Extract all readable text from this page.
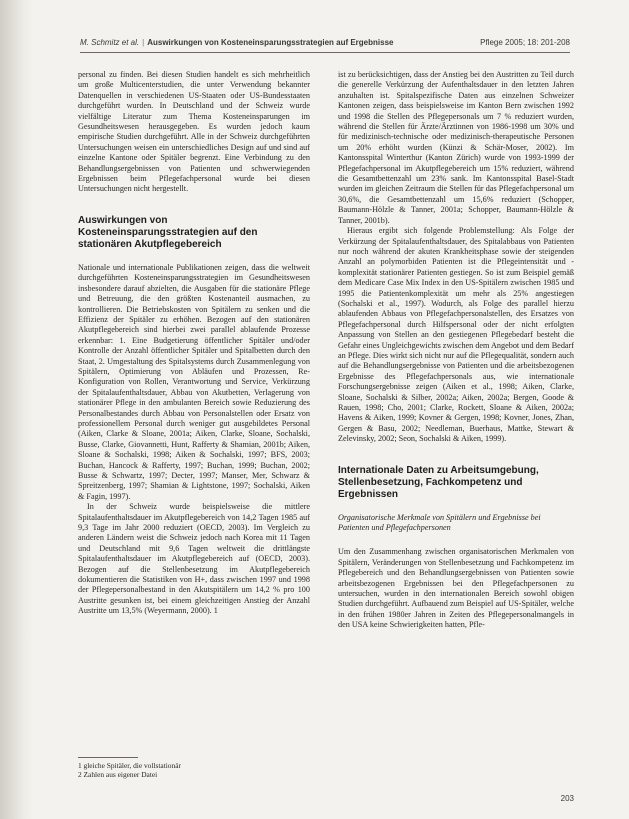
M. Schmitz et al. | Auswirkungen von Kosteneinsparungsstrategien auf Ergebnisse	Pflege 2005; 18: 201-208

personal zu finden. Bei diesen Studien handelt es sich mehrheitlich um große Multicenterstudien, die unter Verwendung bekannter Datenquellen in verschiedenen US-Staaten oder US-Bundesstaaten durchgeführt wurden. In Deutschland und der Schweiz wurde vielfältige Literatur zum Thema Kosteneinsparungen im Gesundheitswesen herausgegeben. Es wurden jedoch kaum empirische Studien durchgeführt. Alle in der Schweiz durchgeführten Untersuchungen weisen ein unterschiedliches Design auf und sind auf einzelne Kantone oder Spitäler begrenzt. Eine Verbindung zu den Behandlungsergebnissen von Patienten und schwerwiegenden Ergebnissen beim Pflegefachpersonal wurde bei diesen Untersuchungen nicht hergestellt.

Auswirkungen von Kosteneinsparungsstrategien auf den stationären Akutpflegebereich

Nationale und internationale Publikationen zeigen, dass die weltweit durchgeführten Kosteneinsparungsstrategien im Gesundheitswesen insbesondere darauf abzielten, die Ausgaben für die stationäre Pflege und Betreuung, die den größten Kostenanteil ausmachen, zu kontrollieren. Die Betriebskosten von Spitälern zu senken und die Effizienz der Spitäler zu erhöhen. Bezogen auf den stationären Akutpflegebereich sind hierbei zwei parallel ablaufende Prozesse erkennbar: 1. Eine Budgetierung öffentlicher Spitäler und/oder Kontrolle der Anzahl öffentlicher Spitäler und Spitalbetten durch den Staat, 2. Umgestaltung des Spitalsystems durch Zusammenlegung von Spitälern, Optimierung von Abläufen und Prozessen, Re-Konfiguration von Rollen, Verantwortung und Service, Verkürzung der Spitalaufenthaltsdauer, Abbau von Akutbetten, Verlagerung von stationärer Pflege in den ambulanten Bereich sowie Reduzierung des Personalbestandes durch Abbau von Personalstellen oder Ersatz von professionellem Personal durch weniger gut ausgebildetes Personal (Aiken, Clarke & Sloane, 2001a; Aiken, Clarke, Sloane, Sochalski, Busse, Clarke, Giovannetti, Hunt, Rafferty & Shamian, 2001b; Aiken, Sloane & Sochalski, 1998; Aiken & Sochalski, 1997; BFS, 2003; Buchan, Hancock & Rafferty, 1997; Buchan, 1999; Buchan, 2002; Busse & Schwartz, 1997; Decter, 1997; Manser, Mer, Schwarz & Spreitzenberg, 1997; Shamian & Lightstone, 1997; Sochalski, Aiken & Fagin, 1997).

In der Schweiz wurde beispielsweise die mittlere Spitalaufenthaltsdauer im Akutpflegebereich von 14,2 Tagen 1985 auf 9,3 Tage im Jahr 2000 reduziert (OECD, 2003). Im Vergleich zu anderen Ländern weist die Schweiz jedoch nach Korea mit 11 Tagen und Deutschland mit 9,6 Tagen weltweit die drittlängste Spitalaufenthaltsdauer im Akutpflegebereich auf (OECD, 2003). Bezogen auf die Stellenbesetzung im Akutpflegebereich dokumentieren die Statistiken von H+, dass zwischen 1997 und 1998 der Pflegepersonalbestand in den Akutspitälern um 14,2 % pro 100 Austritte gesunken ist, bei einem gleichzeitigen Anstieg der Anzahl Austritte um 13,5% (Weyermann, 2000). 1

1 gleiche Spitäler, die vollstationär
2 Zahlen aus eigener Datei

ist zu berücksichtigen, dass der Anstieg bei den Austritten zu Teil durch die generelle Verkürzung der Aufenthaltsdauer in den letzten Jahren anzuhalten ist. Spitalspezifische Daten aus einzelnen Schweizer Kantonen zeigen, dass beispielsweise im Kanton Bern zwischen 1992 und 1998 die Stellen des Pflegepersonals um 7 % reduziert wurden, während die Stellen für Ärzte/Ärztinnen von 1986-1998 um 30% und für medizinisch-technische oder medizinisch-therapeutische Personen um 20% erhöht wurden (Künzi & Schär-Moser, 2002). Im Kantonsspital Winterthur (Kanton Zürich) wurde von 1993-1999 der Pflegefachpersonal im Akutpflegebereich um 15% reduziert, während die Gesamtbettenzahl um 23% sank. Im Kantonsspital Basel-Stadt wurden im gleichen Zeitraum die Stellen für das Pflegefachpersonal um 30,6%, die Gesamtbettenzahl um 15,6% reduziert (Schopper, Baumann-Hölzle & Tanner, 2001a; Schopper, Baumann-Hölzle & Tanner, 2001b).

Hieraus ergibt sich folgende Problemstellung: Als Folge der Verkürzung der Spitalaufenthaltsdauer, des Spitalabbaus von Patienten nur noch während der akuten Krankheitsphase sowie der steigenden Anzahl an polymorbiden Patienten ist die Pflegeintensität und -komplexität stationärer Patienten gestiegen. So ist zum Beispiel gemäß dem Medicare Case Mix Index in den US-Spitälern zwischen 1985 und 1995 die Patientenkomplexität um mehr als 25% angestiegen (Sochalski et al., 1997). Wodurch, als Folge des parallel hierzu ablaufenden Abbaus von Pflegefachpersonalstellen, des Ersatzes von Pflegefachpersonal durch Hilfspersonal oder der nicht erfolgten Anpassung von Stellen an den gestiegenen Pflegebedarf besteht die Gefahr eines Ungleichgewichts zwischen dem Angebot und dem Bedarf an Pflege. Dies wirkt sich nicht nur auf die Pflegequalität, sondern auch auf die Behandlungsergebnisse von Patienten und die arbeitsbezogenen Ergebnisse des Pflegefachpersonals aus, wie internationale Forschungsergebnisse zeigen (Aiken et al., 1998; Aiken, Clarke, Sloane, Sochalski & Silber, 2002a; Aiken, 2002a; Bergen, Goode & Rauen, 1998; Cho, 2001; Clarke, Rockett, Sloane & Aiken, 2002a; Havens & Aiken, 1999; Kovner & Gergen, 1998; Kovner, Jones, Zhan, Gergen & Basu, 2002; Needleman, Buerhaus, Mattke, Stewart & Zelevinsky, 2002; Seon, Sochalski & Aiken, 1999).

Internationale Daten zu Arbeitsumgebung, Stellenbesetzung, Fachkompetenz und Ergebnissen
Organisatorische Merkmale von Spitälern und Ergebnisse bei Patienten und Pflegefachpersonen

Um den Zusammenhang zwischen organisatorischen Merkmalen von Spitälern, Veränderungen von Stellenbesetzung und Fachkompetenz im Pflegebereich und den Behandlungsergebnissen von Patienten sowie arbeitsbezogenen Ergebnissen bei den Pflegefachpersonen zu untersuchen, wurden in den internationalen Bereich sowohl obigen Studien durchgeführt. Aufbauend zum Beispiel auf US-Spitäler, welche in den frühen 1980er Jahren in Zeiten des Pflegepersonalmangels in den USA keine Schwierigkeiten hatten, Pfle-

203
